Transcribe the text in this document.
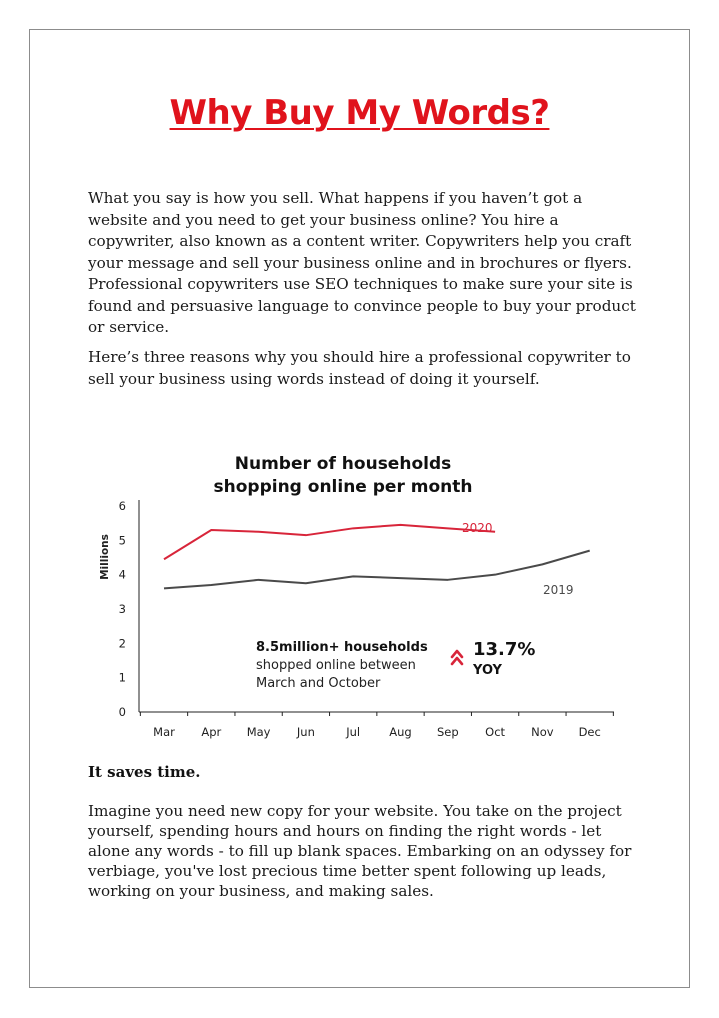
Why Buy My Words?

What you say is how you sell. What happens if you haven’t got a website and you need to get your business online? You hire a copywriter, also known as a content writer. Copywriters help you craft your message and sell your business online and in brochures or flyers. Professional copywriters use SEO techniques to make sure your site is found and persuasive language to convince people to buy your product or service.

Here’s three reasons why you should hire a professional copywriter to sell your business using words instead of doing it yourself.

Number of households
shopping online per month
Millions
0
1
2
3
4
5
6
Mar Apr May Jun	Jul	Aug Sep Oct Nov Dec
2020
2019
8.5million+ households
shopped online between
March and October
13.7%
YOY
It saves time.

Imagine you need new copy for your website. You take on the project yourself, spending hours and hours on finding the right words - let alone any words - to fill up blank spaces. Embarking on an odyssey for verbiage, you've lost precious time better spent following up leads, working on your business, and making sales.
